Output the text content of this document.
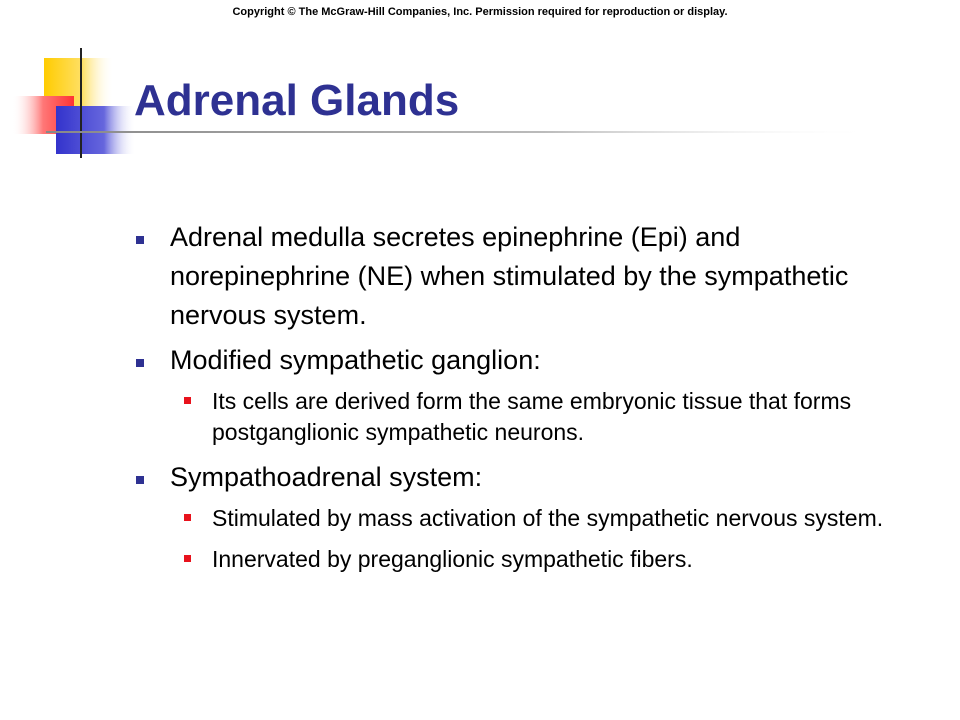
Copyright © The McGraw-Hill Companies, Inc. Permission required for reproduction or display.
Adrenal Glands
Adrenal medulla secretes epinephrine (Epi) and norepinephrine (NE) when stimulated by the sympathetic nervous system.
Modified sympathetic ganglion:
Its cells are derived form the same embryonic tissue that forms postganglionic sympathetic neurons.
Sympathoadrenal system:
Stimulated by mass activation of the sympathetic nervous system.
Innervated by preganglionic sympathetic fibers.
